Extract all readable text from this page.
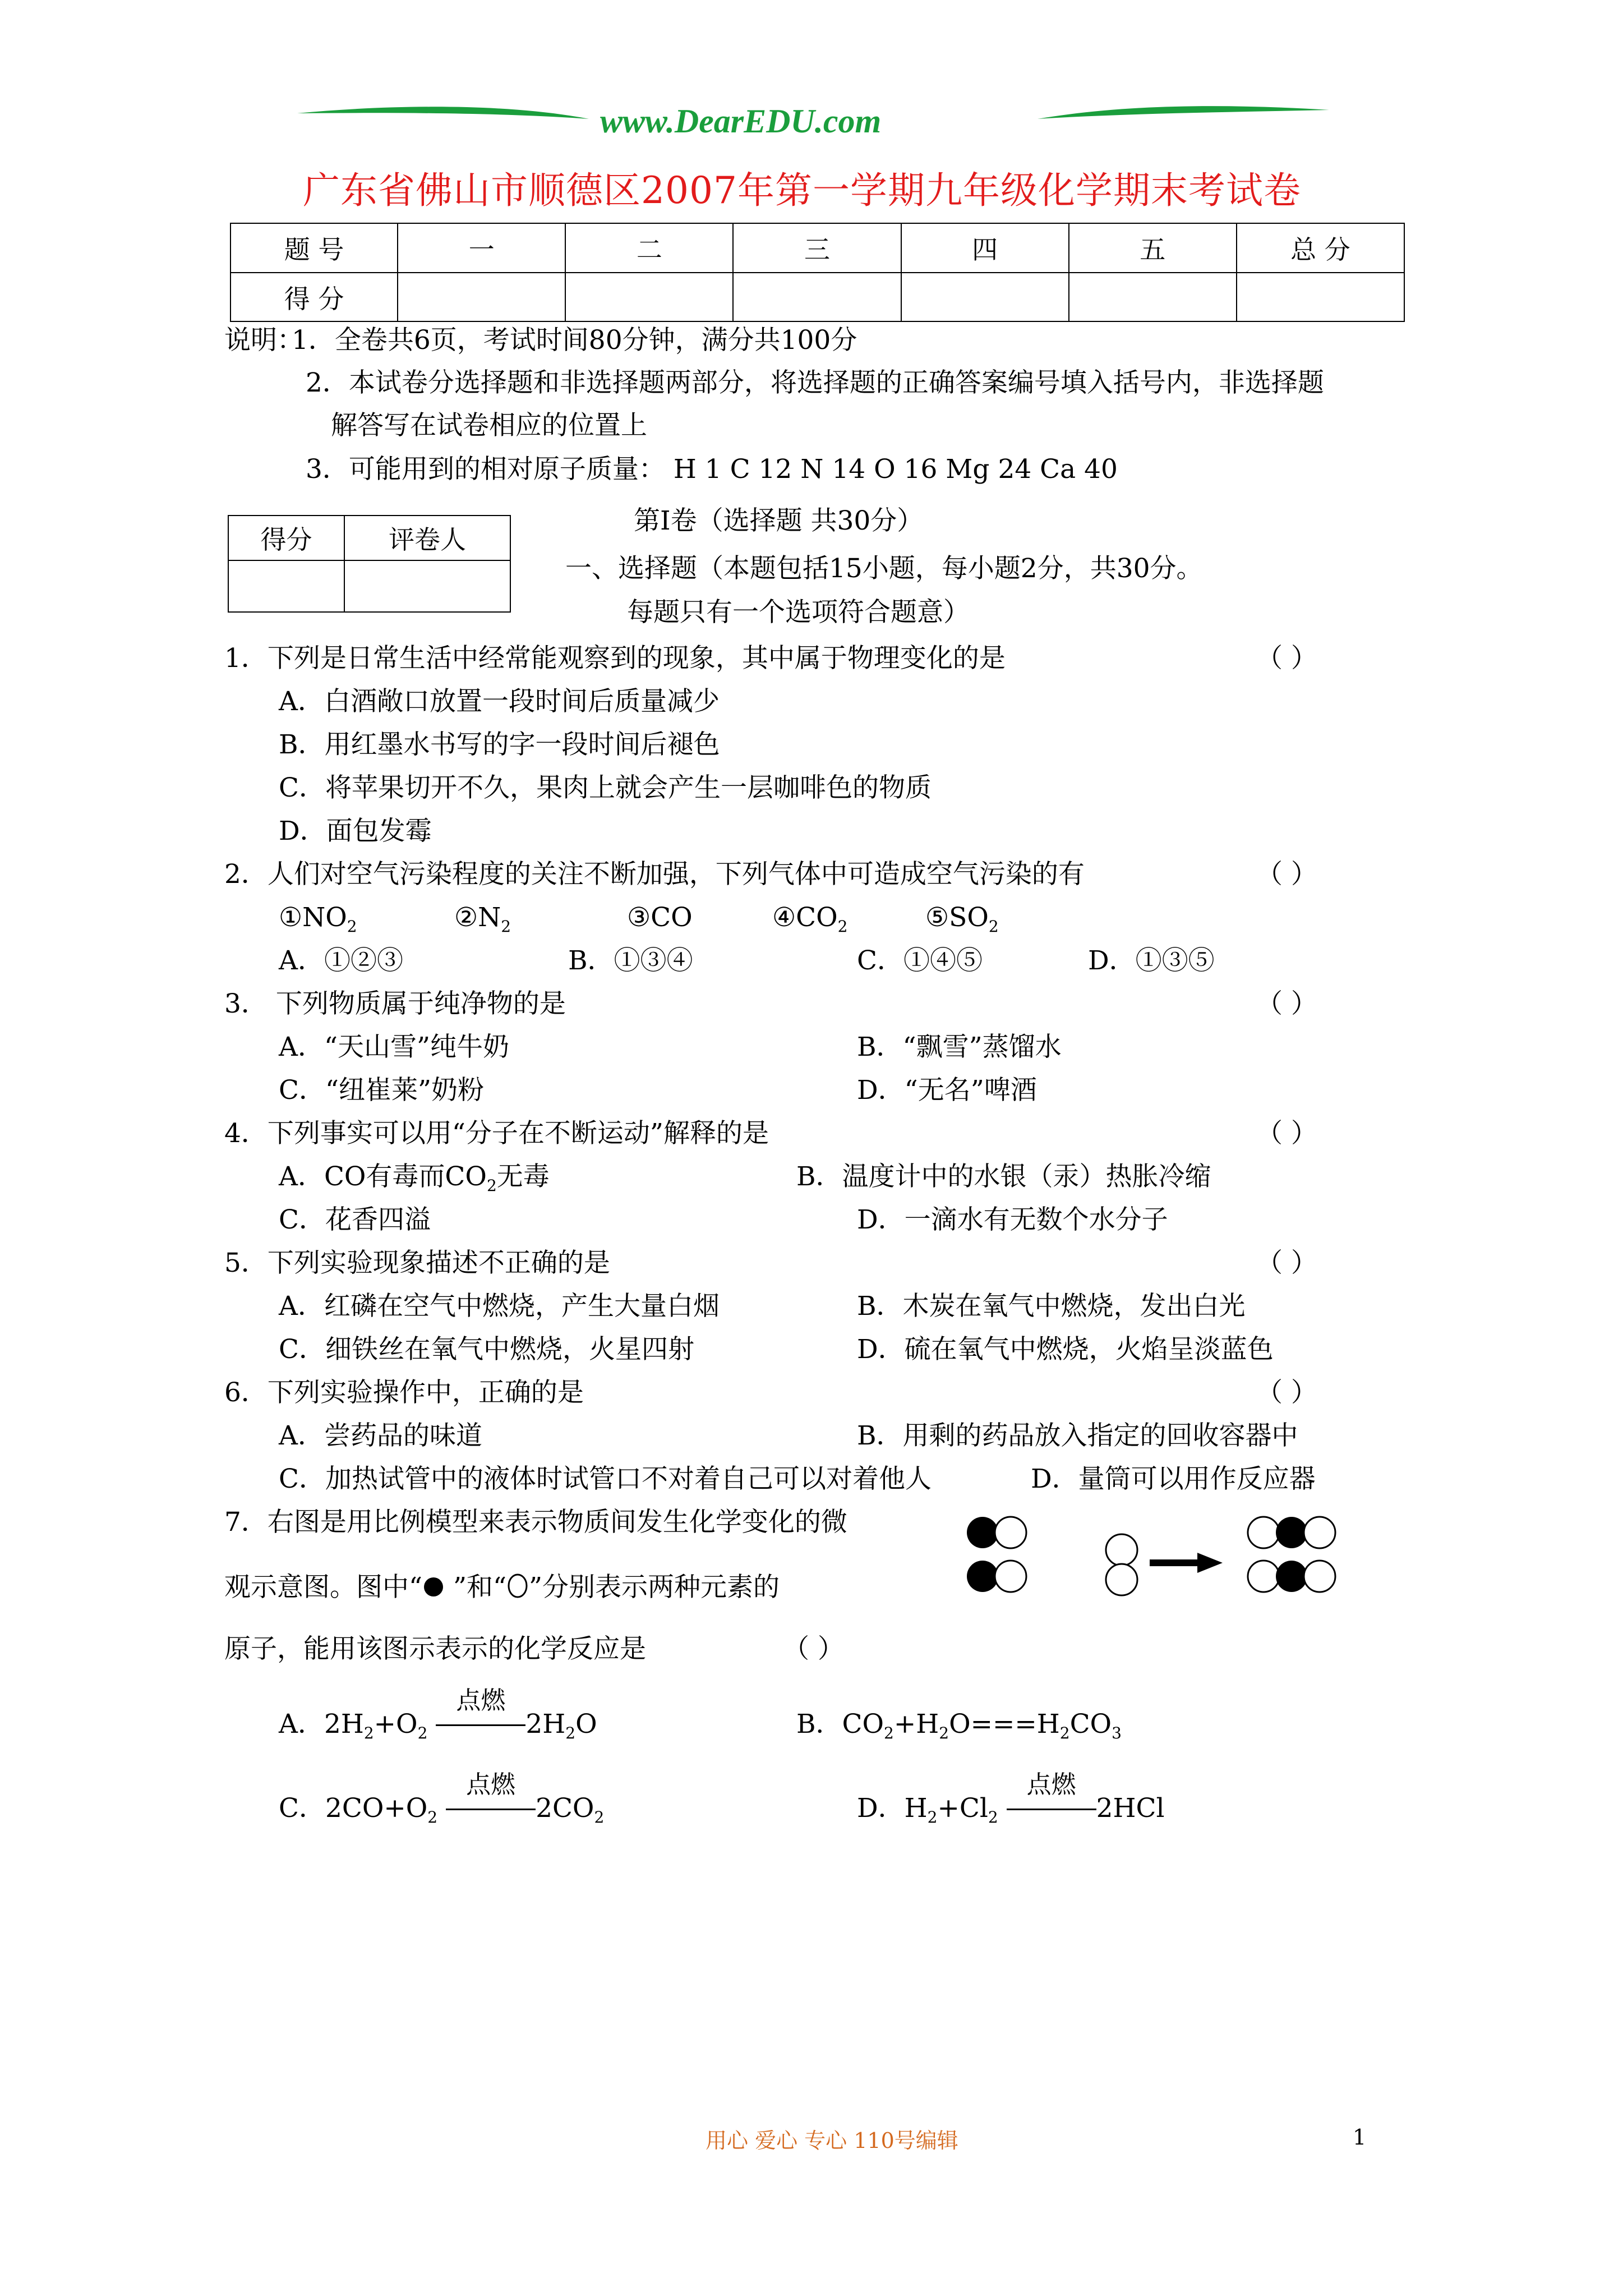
www.DearEDU.com
广东省佛山市顺德区2007年第一学期九年级化学期末考试卷
题 号	一	二	三	四	五	总 分
得 分						
说明：
1．全卷共6页，考试时间80分钟，满分共100分
2．本试卷分选择题和非选择题两部分，将选择题的正确答案编号填入括号内，非选择题
解答写在试卷相应的位置上
3．可能用到的相对原子质量： H 1 C 12 N 14 O 16 Mg 24 Ca 40
得分	评卷人

第Ⅰ卷（选择题 共30分）
一、选择题（本题包括15小题，每小题2分，共30分。
每题只有一个选项符合题意）
1．下列是日常生活中经常能观察到的现象，其中属于物理变化的是	（ ）
A．白酒敞口放置一段时间后质量减少
B．用红墨水书写的字一段时间后褪色
C．将苹果切开不久，果肉上就会产生一层咖啡色的物质
D．面包发霉
2．人们对空气污染程度的关注不断加强，下列气体中可造成空气污染的有	（ ）
$①NO_2$	$②N_2$	③CO	$④CO_2$	$⑤SO_2$
A．①②③	B．①③④	C．①④⑤	D．①③⑤
3． 下列物质属于纯净物的是	（ ）
A．“天山雪”纯牛奶	B．“飘雪”蒸馏水
C．“纽崔莱”奶粉	D．“无名”啤酒
4．下列事实可以用“分子在不断运动”解释的是	（ ）
A．CO有毒而$CO_2$无毒	B．温度计中的水银（汞）热胀冷缩
C．花香四溢	D．一滴水有无数个水分子
5．下列实验现象描述不正确的是	（ ）
A．红磷在空气中燃烧，产生大量白烟	B．木炭在氧气中燃烧，发出白光
C．细铁丝在氧气中燃烧，火星四射	D．硫在氧气中燃烧，火焰呈淡蓝色
6．下列实验操作中，正确的是	（ ）
A．尝药品的味道	B．用剩的药品放入指定的回收容器中
C．加热试管中的液体时试管口不对着自己可以对着他人	D．量筒可以用作反应器
7．右图是用比例模型来表示物质间发生化学变化的微
观示意图。图中“ ”和“ ”分别表示两种元素的
原子，能用该图示表示的化学反应是	（ ）
A．$2H_2+O_2$
点燃
$2H_2O$	B．$CO_2+H_2O===H_2CO_3$
C．$2CO+O_2$
点燃
$2CO_2$	D．$H_2+Cl_2$
点燃
2HCl
用心 爱心 专心 110号编辑	1
